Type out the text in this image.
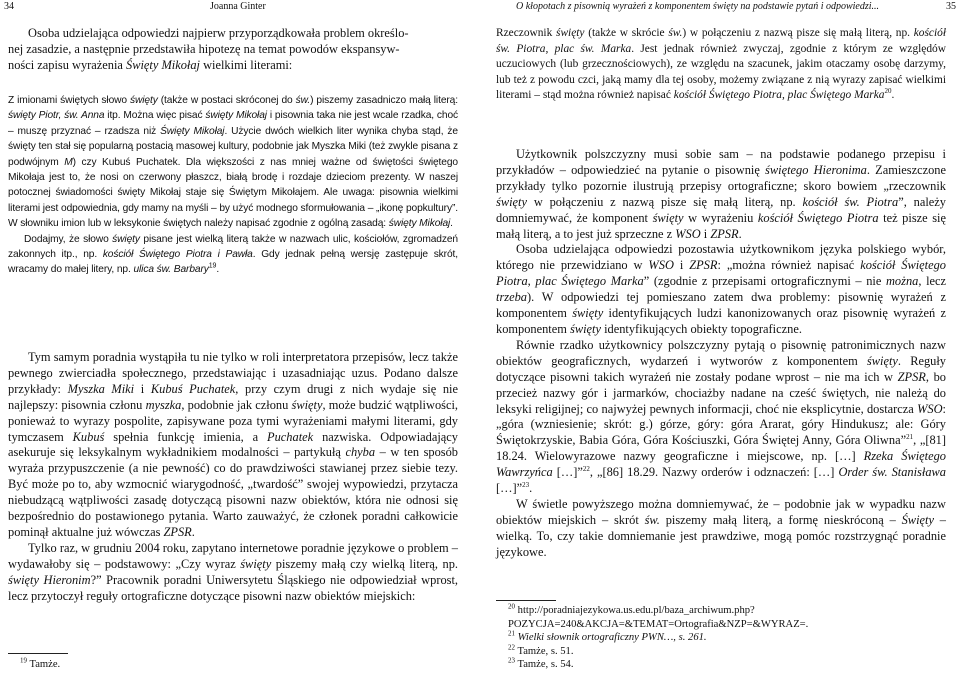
34	Joanna Ginter

Osoba udzielająca odpowiedzi najpierw przyporządkowała problem określo-
nej zasadzie, a następnie przedstawiła hipotezę na temat powodów ekspansyw-
ności zapisu wyrażenia Święty Mikołaj wielkimi literami:

Z imionami świętych słowo święty (także w postaci skróconej do św.) piszemy zasadniczo małą literą: święty Piotr, św. Anna itp. Można więc pisać święty Mikołaj i pisownia taka nie jest wcale rzadka, choć – muszę przyznać – rzadsza niż Święty Mikołaj. Użycie dwóch wielkich liter wynika chyba stąd, że święty ten stał się popularną postacią masowej kultury, podobnie jak Myszka Miki (też zwykle pisana z podwójnym M) czy Kubuś Puchatek. Dla większości z nas mniej ważne od świętości świętego Mikołaja jest to, że nosi on czerwony płaszcz, białą brodę i rozdaje dzieciom prezenty. W naszej potocznej świadomości święty Mikołaj staje się Świętym Mikołajem. Ale uwaga: pisownia wielkimi literami jest odpowiednia, gdy mamy na myśli – by użyć modnego sformułowania – „ikonę popkultury”. W słowniku imion lub w leksykonie świętych należy napisać zgodnie z ogólną zasadą: święty Mikołaj.

Dodajmy, że słowo święty pisane jest wielką literą także w nazwach ulic, kościołów, zgromadzeń zakonnych itp., np. kościół Świętego Piotra i Pawła. Gdy jednak pełną wersję zastępuje skrót, wracamy do małej litery, np. ulica św. Barbary$^{19}$.

Tym samym poradnia wystąpiła tu nie tylko w roli interpretatora przepisów, lecz także pewnego zwierciadła społecznego, przedstawiając i uzasadniając uzus. Podano dalsze przykłady: Myszka Miki i Kubuś Puchatek, przy czym drugi z nich wydaje się nie najlepszy: pisownia członu myszka, podobnie jak członu święty, może budzić wątpliwości, ponieważ to wyrazy pospolite, zapisywane poza tymi wyrażeniami małymi literami, gdy tymczasem Kubuś spełnia funkcję imienia, a Puchatek nazwiska. Odpowiadający asekuruje się leksykalnym wykładnikiem modalności – partykułą chyba – w ten sposób wyraża przypuszczenie (a nie pewność) co do prawdziwości stawianej przez siebie tezy. Być może po to, aby wzmocnić wiarygodność, „twardość” swojej wypowiedzi, przytacza niebudzącą wątpliwości zasadę dotyczącą pisowni nazw obiektów, która nie odnosi się bezpośrednio do postawionego pytania. Warto zauważyć, że członek poradni całkowicie pominął aktualne już wówczas ZPSR.

Tylko raz, w grudniu 2004 roku, zapytano internetowe poradnie językowe o problem – wydawałoby się – podstawowy: „Czy wyraz święty piszemy małą czy wielką literą, np. święty Hieronim?” Pracownik poradni Uniwersytetu Śląskiego nie odpowiedział wprost, lecz przytoczył reguły ortograficzne dotyczące pisowni nazw obiektów miejskich:

$^{19}$ Tamże.

O kłopotach z pisownią wyrażeń z komponentem święty na podstawie pytań i odpowiedzi...	35

Rzeczownik święty (także w skrócie św.) w połączeniu z nazwą pisze się małą literą, np. kościół św. Piotra, plac św. Marka. Jest jednak również zwyczaj, zgodnie z którym ze względów uczuciowych (lub grzecznościowych), ze względu na szacunek, jakim otaczamy osobę darzymy, lub też z powodu czci, jaką mamy dla tej osoby, możemy związane z nią wyrazy zapisać wielkimi literami – stąd można również napisać kościół Świętego Piotra, plac Świętego Marka$^{20}$.

Użytkownik polszczyzny musi sobie sam – na podstawie podanego przepisu i przykładów – odpowiedzieć na pytanie o pisownię świętego Hieronima. Zamieszczone przykłady tylko pozornie ilustrują przepisy ortograficzne; skoro bowiem „rzeczownik święty w połączeniu z nazwą pisze się małą literą, np. kościół św. Piotra”, należy domniemywać, że komponent święty w wyrażeniu kościół Świętego Piotra też pisze się małą literą, a to jest już sprzeczne z WSO i ZPSR.

Osoba udzielająca odpowiedzi pozostawia użytkownikom języka polskiego wybór, którego nie przewidziano w WSO i ZPSR: „można również napisać kościół Świętego Piotra, plac Świętego Marka” (zgodnie z przepisami ortograficznymi – nie można, lecz trzeba). W odpowiedzi tej pomieszano zatem dwa problemy: pisownię wyrażeń z komponentem święty identyfikujących ludzi kanonizowanych oraz pisownię wyrażeń z komponentem święty identyfikujących obiekty topograficzne.

Równie rzadko użytkownicy polszczyzny pytają o pisownię patronimicznych nazw obiektów geograficznych, wydarzeń i wytworów z komponentem święty. Reguły dotyczące pisowni takich wyrażeń nie zostały podane wprost – nie ma ich w ZPSR, bo przecież nazwy gór i jarmarków, chociażby nadane na cześć świętych, nie należą do leksyki religijnej; co najwyżej pewnych informacji, choć nie eksplicytnie, dostarcza WSO: „góra (wzniesienie; skrót: g.) górze, góry: góra Ararat, góry Hindukusz; ale: Góry Świętokrzyskie, Babia Góra, Góra Kościuszki, Góra Świętej Anny, Góra Oliwna”$^{21}$, „[81] 18.24. Wielowyrazowe nazwy geograficzne i miejscowe, np. […] Rzeka Świętego Wawrzyńca […]”$^{22}$, „[86] 18.29. Nazwy orderów i odznaczeń: […] Order św. Stanisława […]”$^{23}$.

W świetle powyższego można domniemywać, że – podobnie jak w wypadku nazw obiektów miejskich – skrót św. piszemy małą literą, a formę nieskróconą – Święty – wielką. To, czy takie domniemanie jest prawdziwe, mogą pomóc rozstrzygnąć poradnie językowe.

$^{20}$ http://poradniajezykowa.us.edu.pl/baza_archiwum.php?POZYCJA=240&AKCJA=&TEMAT=Ortografia&NZP=&WYRAZ=.

$^{21}$ Wielki słownik ortograficzny PWN…, s. 261.

$^{22}$ Tamże, s. 51.

$^{23}$ Tamże, s. 54.
